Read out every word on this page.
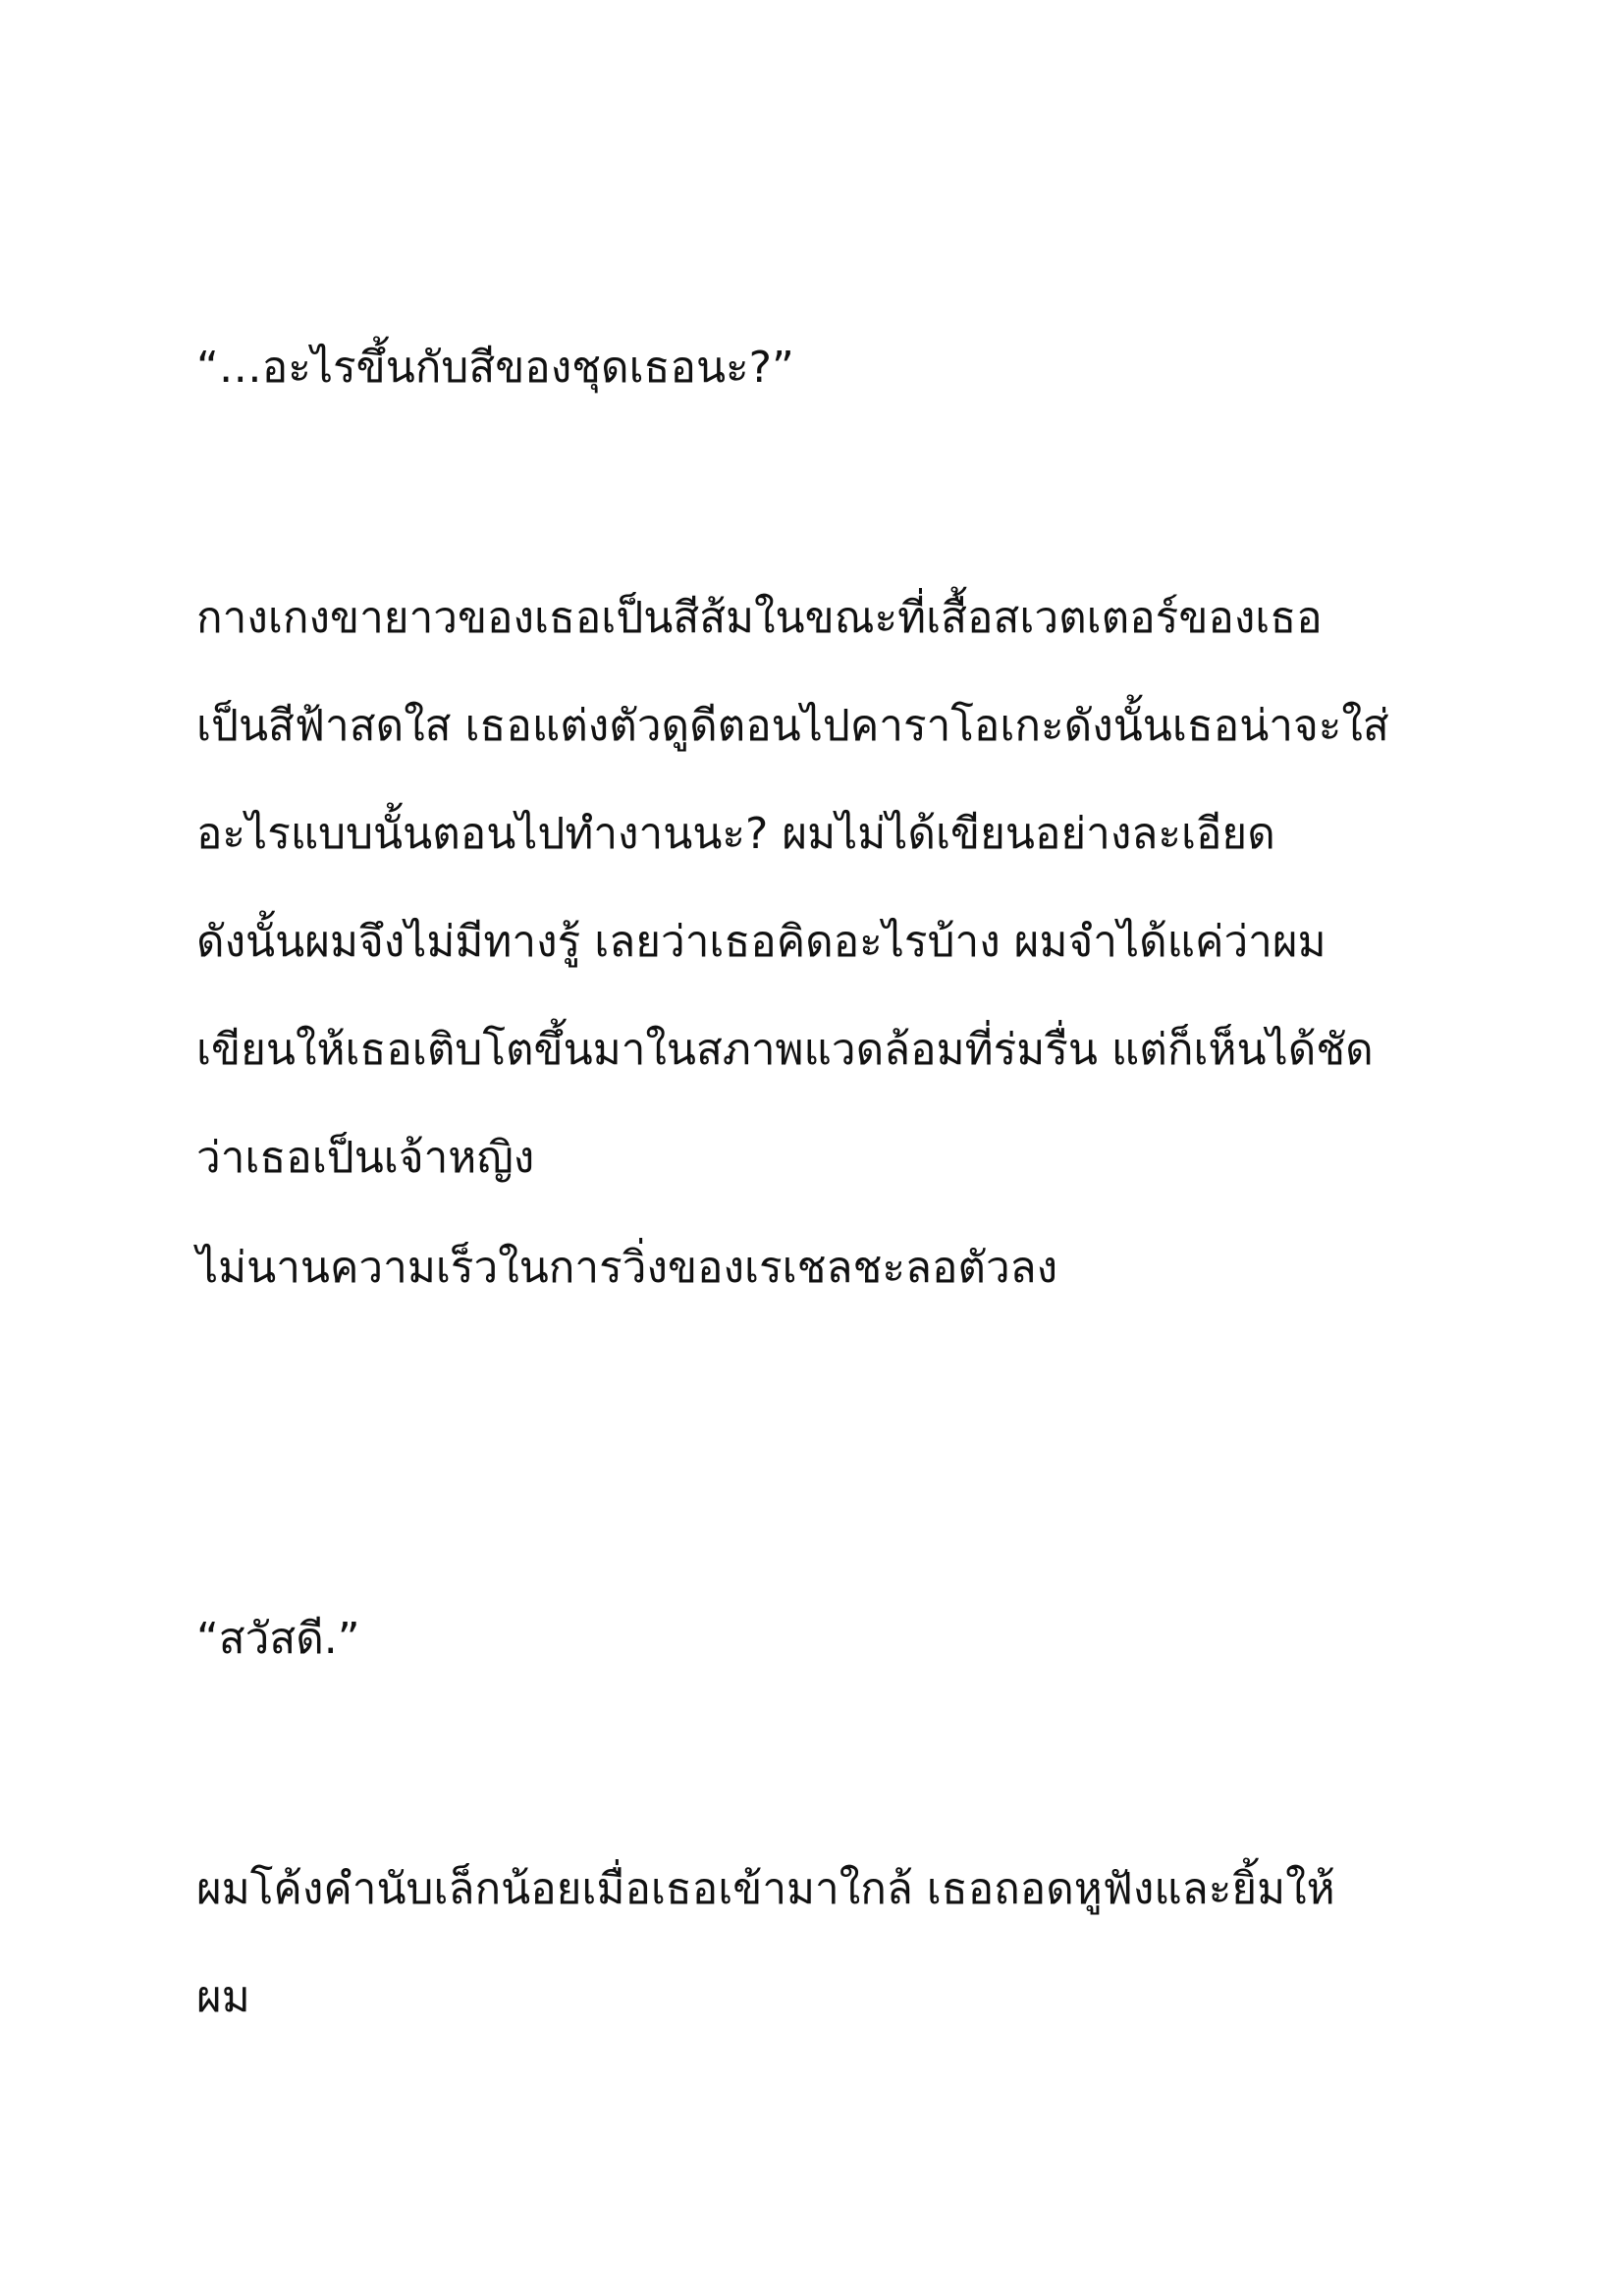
“…อะไรขึ้นกับสีของชุดเธอนะ?”

กางเกงขายาวของเธอเป็นสีส้มในขณะที่เสื้อสเวตเตอร์ของเธอ

เป็นสีฟ้าสดใส เธอแต่งตัวดูดีตอนไปคาราโอเกะดังนั้นเธอน่าจะใส่

อะไรแบบนั้นตอนไปทำงานนะ? ผมไม่ได้เขียนอย่างละเอียด

ดังนั้นผมจึงไม่มีทางรู้ เลยว่าเธอคิดอะไรบ้าง ผมจำได้แค่ว่าผม

เขียนให้เธอเติบโตขึ้นมาในสภาพแวดล้อมที่ร่มรื่น แต่ก็เห็นได้ชัด

ว่าเธอเป็นเจ้าหญิง

ไม่นานความเร็วในการวิ่งของเรเชลชะลอตัวลง

“สวัสดี.”

ผมโค้งคำนับเล็กน้อยเมื่อเธอเข้ามาใกล้ เธอถอดหูฟังและยิ้มให้

ผม
